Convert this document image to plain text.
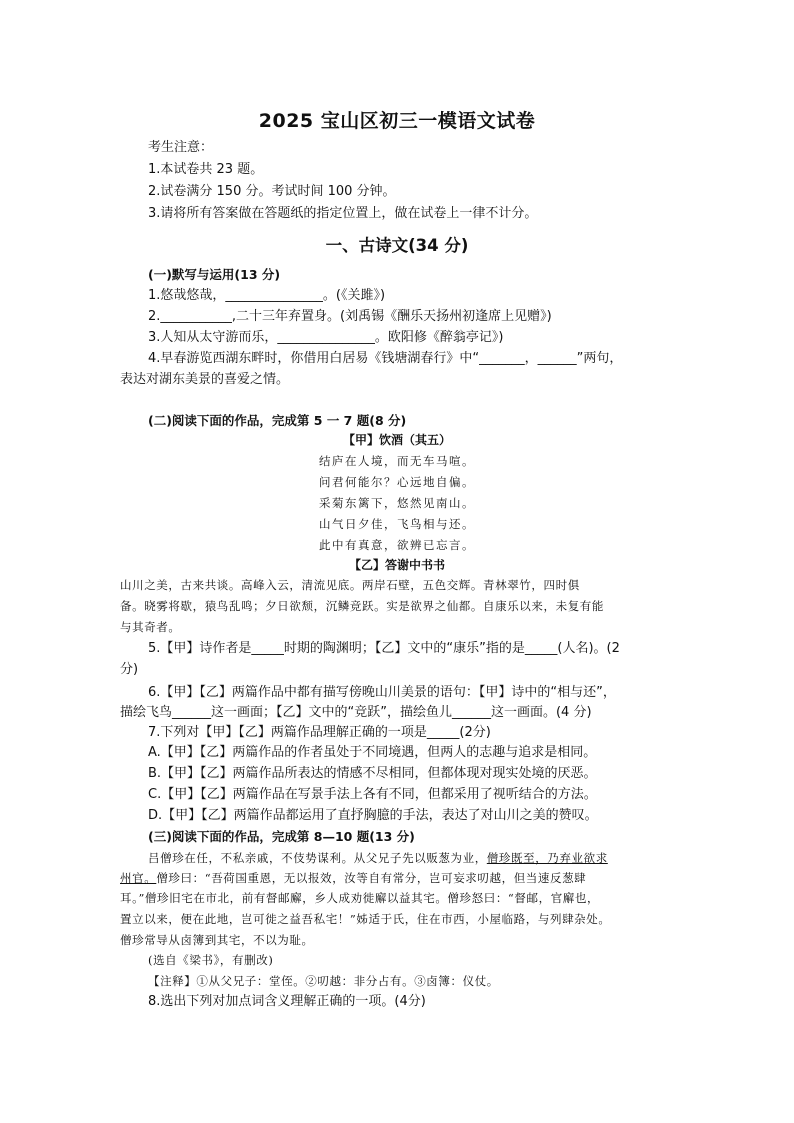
2025 宝山区初三一模语文试卷
考生注意：
1.本试卷共 23 题。
2.试卷满分 150 分。考试时间 100 分钟。
3.请将所有答案做在答题纸的指定位置上，做在试卷上一律不计分。
一、古诗文(34 分)
(一)默写与运用(13 分)
1.悠哉悠哉，_______________。(《关雎》)
2.___________,二十三年弃置身。(刘禹锡《酬乐天扬州初逢席上见赠》)
3.人知从太守游而乐，_______________。欧阳修《醉翁亭记》)
4.早春游览西湖东畔时，你借用白居易《钱塘湖春行》中“_______，______”两句，
表达对湖东美景的喜爱之情。
(二)阅读下面的作品，完成第 5 一 7 题(8 分)
【甲】饮酒（其五）
结庐在人境，而无车马喧。
问君何能尔？心远地自偏。
采菊东篱下，悠然见南山。
山气日夕佳，飞鸟相与还。
此中有真意，欲辨已忘言。
【乙】答谢中书书
山川之美，古来共谈。高峰入云，清流见底。两岸石壁，五色交辉。青林翠竹，四时俱
备。晓雾将歇，猿鸟乱鸣；夕日欲颓，沉鳞竞跃。实是欲界之仙都。自康乐以来，未复有能
与其奇者。
5.【甲】诗作者是_____时期的陶渊明；【乙】文中的“康乐”指的是_____(人名)。(2
分)
6.【甲】【乙】两篇作品中都有描写傍晚山川美景的语句：【甲】诗中的“相与还”，
描绘飞鸟______这一画面；【乙】文中的“竞跃”，描绘鱼儿______这一画面。(4 分)
7.下列对【甲】【乙】两篇作品理解正确的一项是_____(2分)
A.【甲】【乙】两篇作品的作者虽处于不同境遇，但两人的志趣与追求是相同。
B.【甲】【乙】两篇作品所表达的情感不尽相同，但都体现对现实处境的厌恶。
C.【甲】【乙】两篇作品在写景手法上各有不同，但都采用了视听结合的方法。
D.【甲】【乙】两篇作品都运用了直抒胸臆的手法，表达了对山川之美的赞叹。
(三)阅读下面的作品，完成第 8—10 题(13 分)
吕僧珍在任，不私亲戚，不伎势谋利。从父兄子先以贩葱为业，僧珍既至，乃弃业欲求
州官。僧珍曰：“吾荷国重恩，无以报效，汝等自有常分，岂可妄求叨越，但当速反葱肆
耳。”僧珍旧宅在市北，前有督邮廨，乡人成劝徙廨以益其宅。僧珍怒曰：“督邮，官廨也，
置立以来，便在此地，岂可徙之益吾私宅！”姊适于氏，住在市西，小屋临路，与列肆杂处。
僧珍常导从卤簿到其宅，不以为耻。
(选自《梁书》，有删改)
【注释】①从父兄子：堂侄。②叨越：非分占有。③卤簿：仪仗。
8.选出下列对加点词含义理解正确的一项。(4分)
